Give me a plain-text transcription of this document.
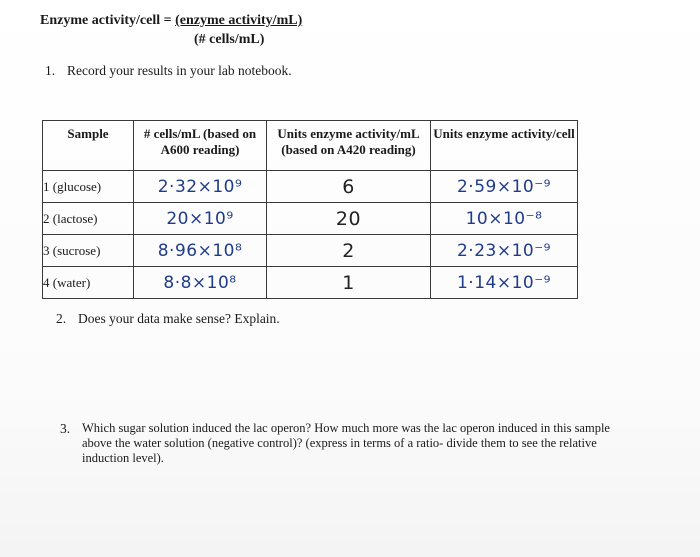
Enzyme activity/cell = (enzyme activity/mL)
(# cells/mL)
1. Record your results in your lab notebook.
Sample	# cells/mL (based on A600 reading)	Units enzyme activity/mL (based on A420 reading)	Units enzyme activity/cell
1 (glucose)	2·32×10⁹	6	2·59×10⁻⁹
2 (lactose)	20×10⁹	20	10×10⁻⁸
3 (sucrose)	8·96×10⁸	2	2·23×10⁻⁹
4 (water)	8·8×10⁸	1	1·14×10⁻⁹
2. Does your data make sense? Explain.
3. Which sugar solution induced the lac operon? How much more was the lac operon induced in this sample above the water solution (negative control)? (express in terms of a ratio- divide them to see the relative induction level).
